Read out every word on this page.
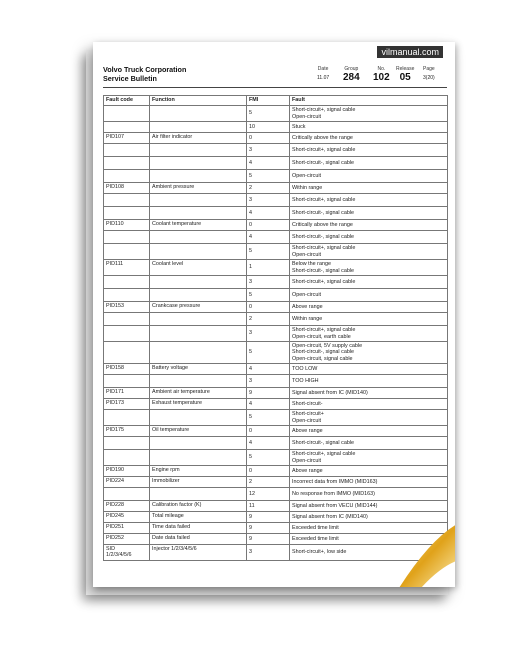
vilmanual.com
Volvo Truck Corporation
Service Bulletin
Date
11.07
Group
284
No.
102
Release
05
Page
3(20)
Fault code	Function	FMI	Fault
		5	Short-circuit+, signal cable
Open-circuit
		10	Stuck
PID107	Air filter indicator	0	Critically above the range
		3	Short-circuit+, signal cable
		4	Short-circuit-, signal cable
		5	Open-circuit
PID108	Ambient pressure	2	Within range
		3	Short-circuit+, signal cable
		4	Short-circuit-, signal cable
PID110	Coolant temperature	0	Critically above the range
		4	Short-circuit-, signal cable
		5	Short-circuit+, signal cable
Open-circuit
PID111	Coolant level	1	Below the range
Short-circuit-, signal cable
		3	Short-circuit+, signal cable
		5	Open-circuit
PID153	Crankcase pressure	0	Above range
		2	Within range
		3	Short-circuit+, signal cable
Open-circuit, earth cable
		5	Open-circuit, 5V supply cable
Short-circuit-, signal cable
Open-circuit, signal cable
PID158	Battery voltage	4	TOO LOW
		3	TOO HIGH
PID171	Ambient air temperature	9	Signal absent from IC (MID140)
PID173	Exhaust temperature	4	Short-circuit-
		5	Short-circuit+
Open-circuit
PID175	Oil temperature	0	Above range
		4	Short-circuit-, signal cable
		5	Short-circuit+, signal cable
Open-circuit
PID190	Engine rpm	0	Above range
PID224	Immobilizer	2	Incorrect data from IMMO (MID163)
		12	No response from IMMO (MID163)
PID228	Calibration factor (K)	11	Signal absent from VECU (MID144)
PID245	Total mileage	9	Signal absent from IC (MID140)
PID251	Time data failed	9	Exceeded time limit
PID252	Date data failed	9	Exceeded time limit
SID
1/2/3/4/5/6	Injector 1/2/3/4/5/6	3	Short-circuit+, low side
